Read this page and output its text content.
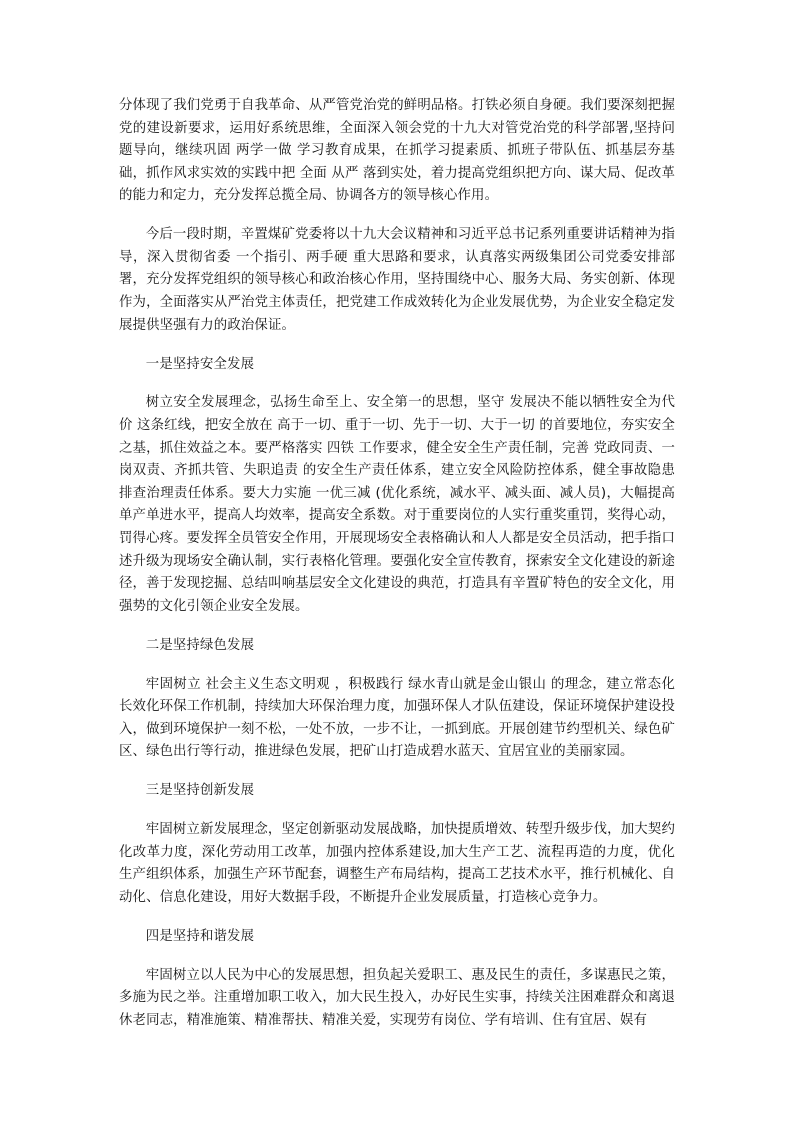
分体现了我们党勇于自我革命、从严管党治党的鲜明品格。打铁必须自身硬。我们要深刻把握党的建设新要求，运用好系统思维，全面深入领会党的十九大对管党治党的科学部署,坚持问题导向，继续巩固 两学一做 学习教育成果，在抓学习提素质、抓班子带队伍、抓基层夯基础，抓作风求实效的实践中把 全面 从严 落到实处，着力提高党组织把方向、谋大局、促改革的能力和定力，充分发挥总揽全局、协调各方的领导核心作用。

今后一段时期，辛置煤矿党委将以十九大会议精神和习近平总书记系列重要讲话精神为指导，深入贯彻省委 一个指引、两手硬 重大思路和要求，认真落实两级集团公司党委安排部署，充分发挥党组织的领导核心和政治核心作用，坚持围绕中心、服务大局、务实创新、体现作为，全面落实从严治党主体责任，把党建工作成效转化为企业发展优势，为企业安全稳定发展提供坚强有力的政治保证。

一是坚持安全发展

树立安全发展理念，弘扬生命至上、安全第一的思想，坚守 发展决不能以牺牲安全为代价 这条红线，把安全放在 高于一切、重于一切、先于一切、大于一切 的首要地位，夯实安全之基，抓住效益之本。要严格落实 四铁 工作要求，健全安全生产责任制，完善 党政同责、一岗双责、齐抓共管、失职追责 的安全生产责任体系，建立安全风险防控体系，健全事故隐患排查治理责任体系。要大力实施 一优三减 (优化系统，减水平、减头面、减人员)，大幅提高单产单进水平，提高人均效率，提高安全系数。对于重要岗位的人实行重奖重罚，奖得心动，罚得心疼。要发挥全员管安全作用，开展现场安全表格确认和人人都是安全员活动，把手指口述升级为现场安全确认制，实行表格化管理。要强化安全宣传教育，探索安全文化建设的新途径，善于发现挖掘、总结叫响基层安全文化建设的典范，打造具有辛置矿特色的安全文化，用强势的文化引领企业安全发展。

二是坚持绿色发展

牢固树立 社会主义生态文明观 ，积极践行 绿水青山就是金山银山 的理念，建立常态化长效化环保工作机制，持续加大环保治理力度，加强环保人才队伍建设，保证环境保护建设投入，做到环境保护一刻不松，一处不放，一步不让，一抓到底。开展创建节约型机关、绿色矿区、绿色出行等行动，推进绿色发展，把矿山打造成碧水蓝天、宜居宜业的美丽家园。

三是坚持创新发展

牢固树立新发展理念，坚定创新驱动发展战略，加快提质增效、转型升级步伐，加大契约化改革力度，深化劳动用工改革，加强内控体系建设,加大生产工艺、流程再造的力度，优化生产组织体系，加强生产环节配套，调整生产布局结构，提高工艺技术水平，推行机械化、自动化、信息化建设，用好大数据手段，不断提升企业发展质量，打造核心竞争力。

四是坚持和谐发展

牢固树立以人民为中心的发展思想，担负起关爱职工、惠及民生的责任，多谋惠民之策，多施为民之举。注重增加职工收入，加大民生投入，办好民生实事，持续关注困难群众和离退休老同志，精准施策、精准帮扶、精准关爱，实现劳有岗位、学有培训、住有宜居、娱有
